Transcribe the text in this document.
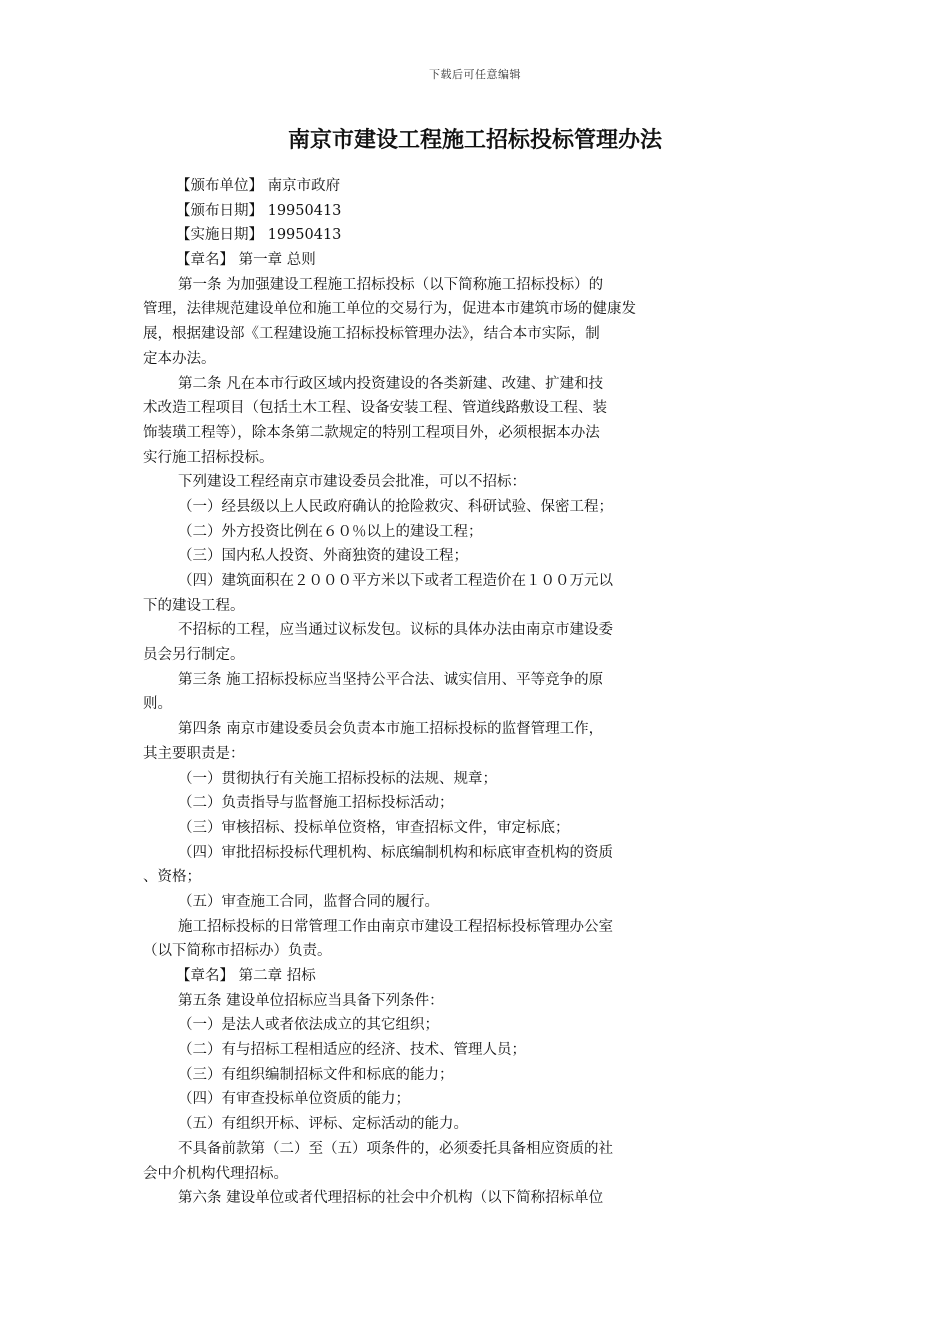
下载后可任意编辑
南京市建设工程施工招标投标管理办法
【颁布单位】 南京市政府
【颁布日期】 19950413
【实施日期】 19950413
【章名】 第一章 总则
第一条 为加强建设工程施工招标投标（以下简称施工招标投标）的
管理，法律规范建设单位和施工单位的交易行为，促进本市建筑市场的健康发
展，根据建设部《工程建设施工招标投标管理办法》，结合本市实际，制
定本办法。
第二条 凡在本市行政区域内投资建设的各类新建、改建、扩建和技
术改造工程项目（包括土木工程、设备安装工程、管道线路敷设工程、装
饰装璜工程等），除本条第二款规定的特别工程项目外，必须根据本办法
实行施工招标投标。
下列建设工程经南京市建设委员会批准，可以不招标：
（一）经县级以上人民政府确认的抢险救灾、科研试验、保密工程；
（二）外方投资比例在６０％以上的建设工程；
（三）国内私人投资、外商独资的建设工程；
（四）建筑面积在２０００平方米以下或者工程造价在１００万元以
下的建设工程。
不招标的工程，应当通过议标发包。议标的具体办法由南京市建设委
员会另行制定。
第三条 施工招标投标应当坚持公平合法、诚实信用、平等竞争的原
则。
第四条 南京市建设委员会负责本市施工招标投标的监督管理工作，
其主要职责是：
（一）贯彻执行有关施工招标投标的法规、规章；
（二）负责指导与监督施工招标投标活动；
（三）审核招标、投标单位资格，审查招标文件，审定标底；
（四）审批招标投标代理机构、标底编制机构和标底审查机构的资质
、资格；
（五）审查施工合同，监督合同的履行。
施工招标投标的日常管理工作由南京市建设工程招标投标管理办公室
（以下简称市招标办）负责。
【章名】 第二章 招标
第五条 建设单位招标应当具备下列条件：
（一）是法人或者依法成立的其它组织；
（二）有与招标工程相适应的经济、技术、管理人员；
（三）有组织编制招标文件和标底的能力；
（四）有审查投标单位资质的能力；
（五）有组织开标、评标、定标活动的能力。
不具备前款第（二）至（五）项条件的，必须委托具备相应资质的社
会中介机构代理招标。
第六条 建设单位或者代理招标的社会中介机构（以下简称招标单位
